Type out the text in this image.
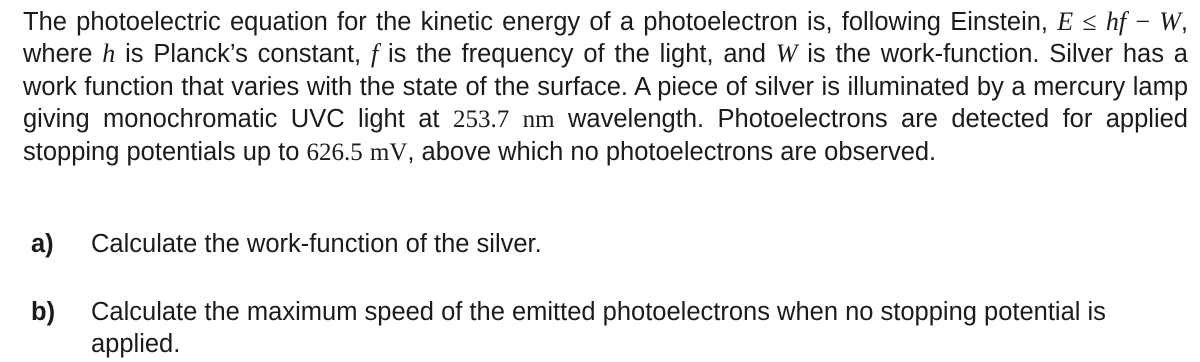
The photoelectric equation for the kinetic energy of a photoelectron is, following Einstein, E ≤ hf − W, where h is Planck’s constant, f is the frequency of the light, and W is the work-function. Silver has a work function that varies with the state of the surface. A piece of silver is illuminated by a mercury lamp giving monochromatic UVC light at 253.7 nm wavelength. Photoelectrons are detected for applied stopping potentials up to 626.5 mV, above which no photoelectrons are observed.

a) Calculate the work-function of the silver.
b) Calculate the maximum speed of the emitted photoelectrons when no stopping potential is applied.
